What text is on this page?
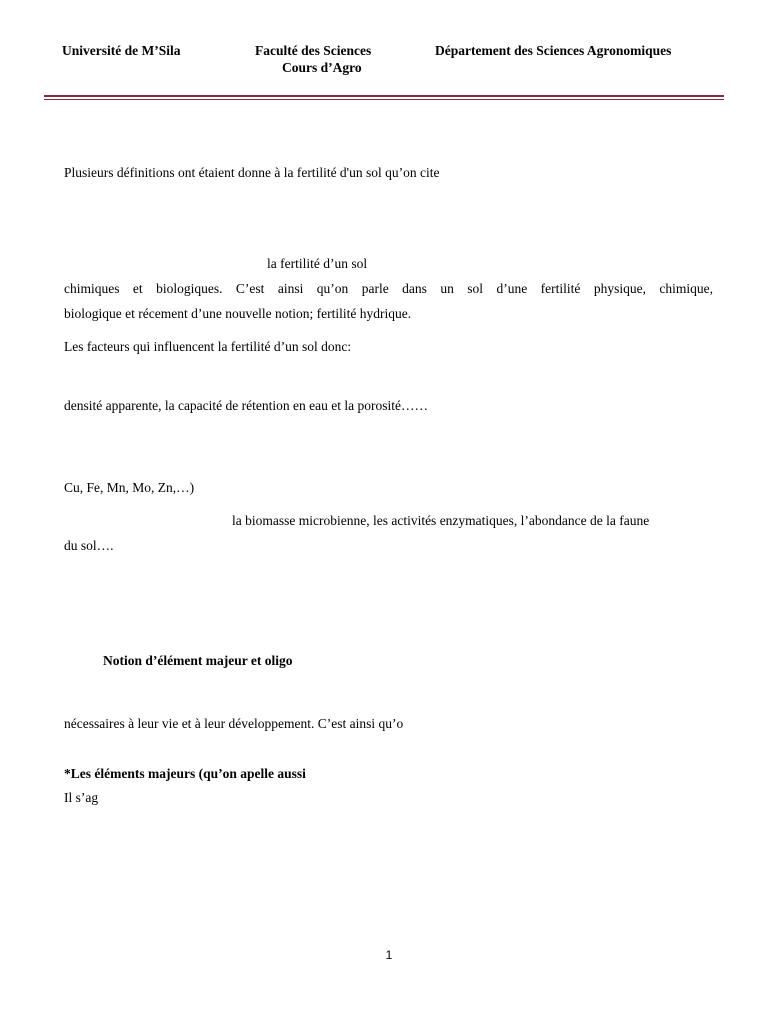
Université de M’Sila	Faculté des Sciences
Cours d’Agro
Département des Sciences Agronomiques
Plusieurs définitions ont étaient donne à la fertilité d'un sol qu’on cite
la fertilité d’un sol
chimiques et biologiques. C’est ainsi qu’on parle dans un sol d’une fertilité physique, chimique,
biologique et récement d’une nouvelle notion; fertilité hydrique.
Les facteurs qui influencent la fertilité d’un sol donc:
densité apparente, la capacité de rétention en eau et la porosité……
Cu, Fe, Mn, Mo, Zn,…)
la biomasse microbienne, les activités enzymatiques, l’abondance de la faune
du sol….
Notion d’élément majeur et oligo
nécessaires à leur vie et à leur développement. C’est ainsi qu’o
*Les éléments majeurs (qu’on apelle aussi
Il s’ag
1
